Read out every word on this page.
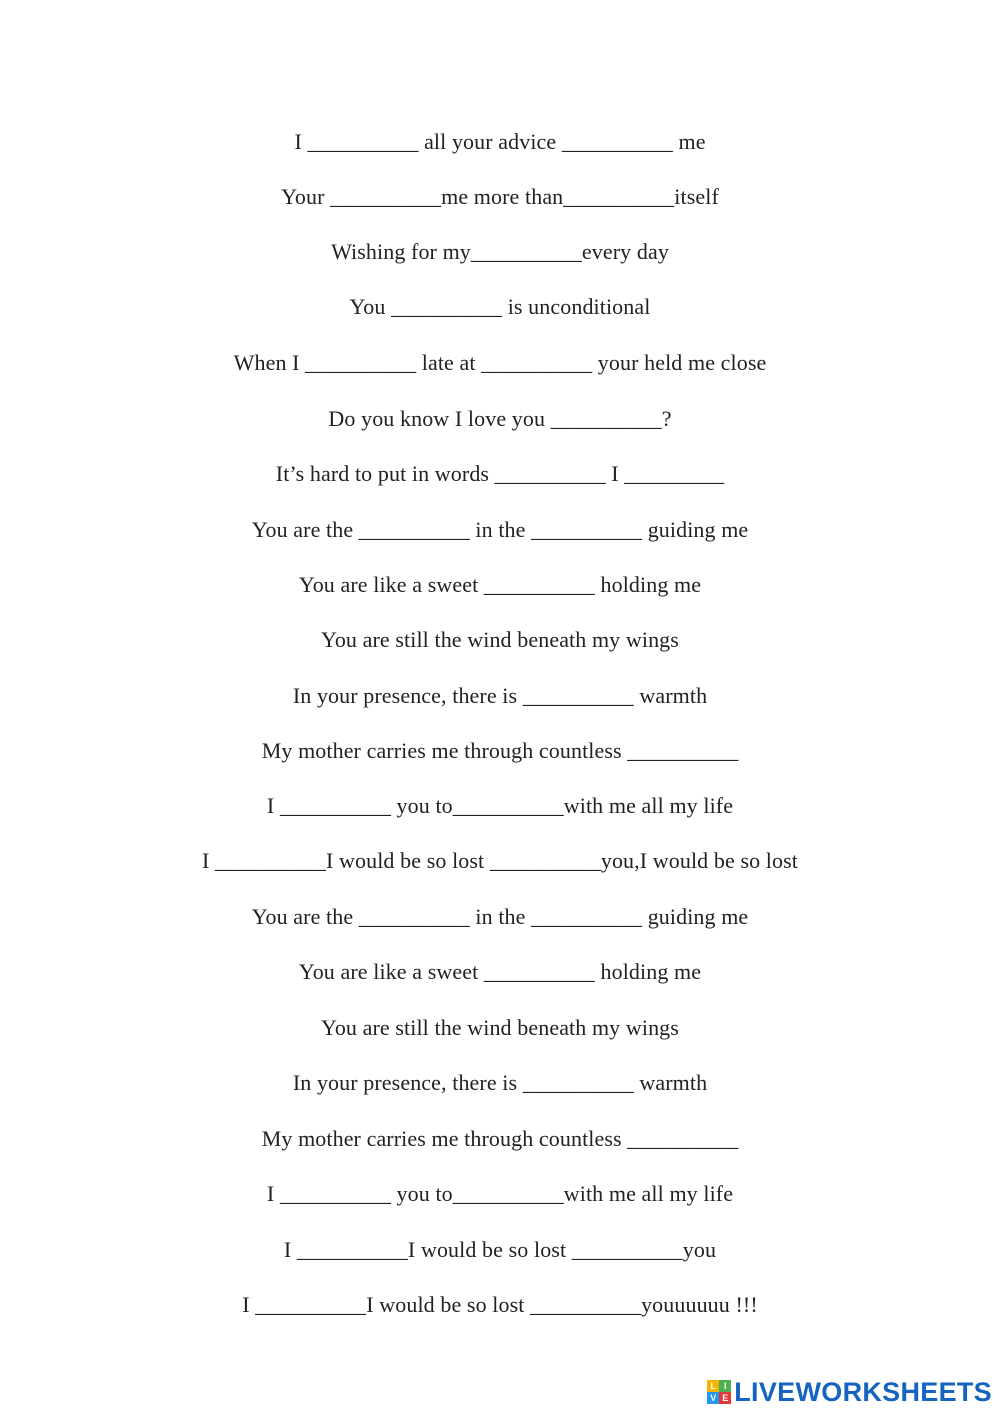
I __________ all your advice __________ me
Your __________me more than__________itself
Wishing for my__________every day
You __________ is unconditional
When I __________ late at __________ your held me close
Do you know I love you __________?
It’s hard to put in words __________ I _________
You are the __________ in the __________ guiding me
You are like a sweet __________ holding me
You are still the wind beneath my wings
In your presence, there is __________ warmth
My mother carries me through countless __________
I __________ you to__________with me all my life
I __________I would be so lost __________you,I would be so lost
You are the __________ in the __________ guiding me
You are like a sweet __________ holding me
You are still the wind beneath my wings
In your presence, there is __________ warmth
My mother carries me through countless __________
I __________ you to__________with me all my life
I __________I would be so lost __________you
I __________I would be so lost __________youuuuuu !!!
L I
V E LIVEWORKSHEETS
